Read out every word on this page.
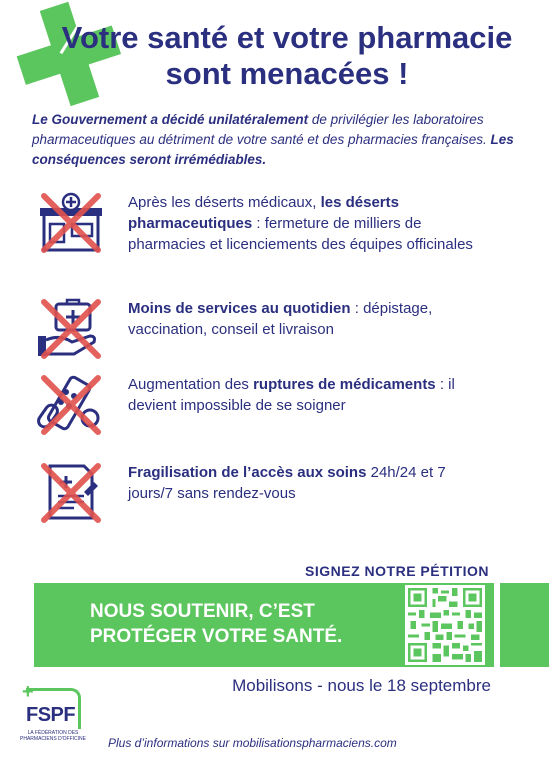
Votre santé et votre pharmacie sont menacées !

Le Gouvernement a décidé unilatéralement de privilégier les laboratoires pharmaceutiques au détriment de votre santé et des pharmacies françaises. Les conséquences seront irrémédiables.

Après les déserts médicaux, les déserts pharmaceutiques : fermeture de milliers de pharmacies et licenciements des équipes officinales

Moins de services au quotidien : dépistage, vaccination, conseil et livraison

Augmentation des ruptures de médicaments : il devient impossible de se soigner

Fragilisation de l’accès aux soins 24h/24 et 7 jours/7 sans rendez-vous

SIGNEZ NOTRE PÉTITION
NOUS SOUTENIR, C’EST PROTÉGER VOTRE SANTÉ.
Mobilisons - nous le 18 septembre
+
FSPF
LA FÉDÉRATION DES PHARMACIENS D'OFFICINE	Plus d’informations sur mobilisationspharmaciens.com
